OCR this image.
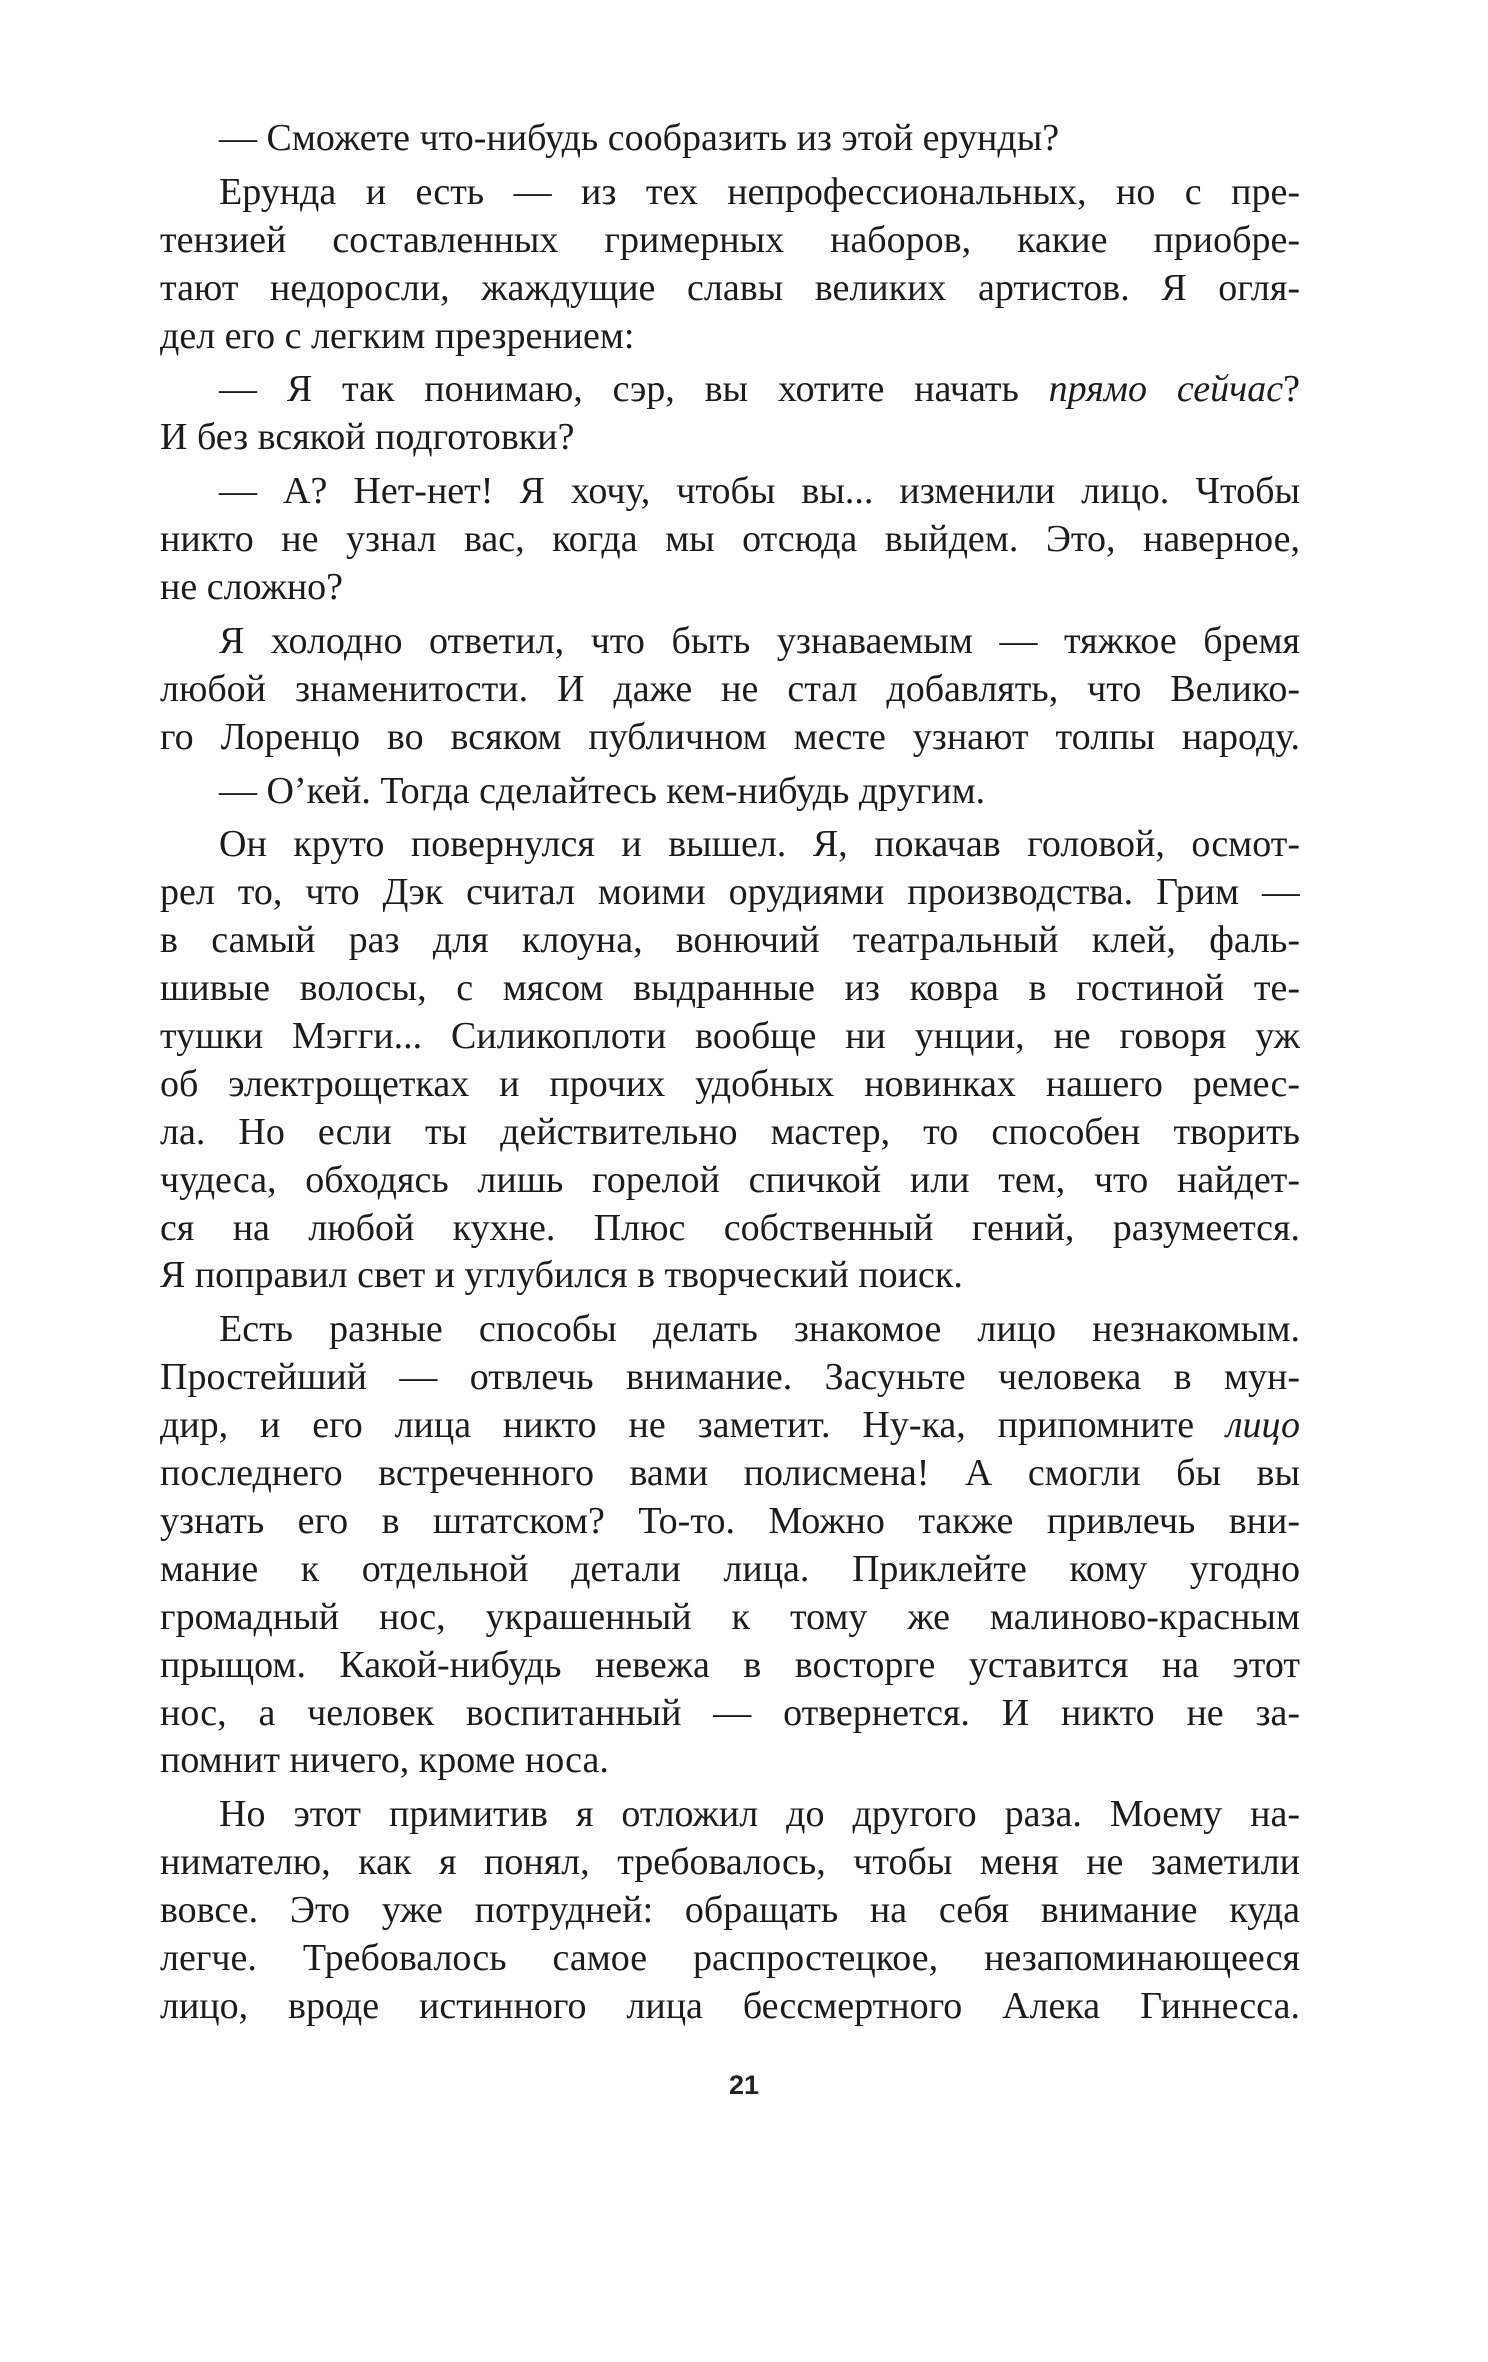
— Сможете что-нибудь сообразить из этой ерунды?
Ерунда и есть — из тех непрофессиональных, но с пре-
тензией составленных гримерных наборов, какие приобре-
тают недоросли, жаждущие славы великих артистов. Я огля-
дел его с легким презрением:
— Я так понимаю, сэр, вы хотите начать прямо сейчас?
И без всякой подготовки?
— А? Нет-нет! Я хочу, чтобы вы... изменили лицо. Чтобы
никто не узнал вас, когда мы отсюда выйдем. Это, наверное,
не сложно?
Я холодно ответил, что быть узнаваемым — тяжкое бремя
любой знаменитости. И даже не стал добавлять, что Велико-
го Лоренцо во всяком публичном месте узнают толпы народу.
— О’кей. Тогда сделайтесь кем-нибудь другим.
Он круто повернулся и вышел. Я, покачав головой, осмот-
рел то, что Дэк считал моими орудиями производства. Грим —
в самый раз для клоуна, вонючий театральный клей, фаль-
шивые волосы, с мясом выдранные из ковра в гостиной те-
тушки Мэгги... Силикоплоти вообще ни унции, не говоря уж
об электрощетках и прочих удобных новинках нашего ремес-
ла. Но если ты действительно мастер, то способен творить
чудеса, обходясь лишь горелой спичкой или тем, что найдет-
ся на любой кухне. Плюс собственный гений, разумеется.
Я поправил свет и углубился в творческий поиск.
Есть разные способы делать знакомое лицо незнакомым.
Простейший — отвлечь внимание. Засуньте человека в мун-
дир, и его лица никто не заметит. Ну-ка, припомните лицо
последнего встреченного вами полисмена! А смогли бы вы
узнать его в штатском? То-то. Можно также привлечь вни-
мание к отдельной детали лица. Приклейте кому угодно
громадный нос, украшенный к тому же малиново-красным
прыщом. Какой-нибудь невежа в восторге уставится на этот
нос, а человек воспитанный — отвернется. И никто не за-
помнит ничего, кроме носа.
Но этот примитив я отложил до другого раза. Моему на-
нимателю, как я понял, требовалось, чтобы меня не заметили
вовсе. Это уже потрудней: обращать на себя внимание куда
легче. Требовалось самое распростецкое, незапоминающееся
лицо, вроде истинного лица бессмертного Алека Гиннесса.
21
